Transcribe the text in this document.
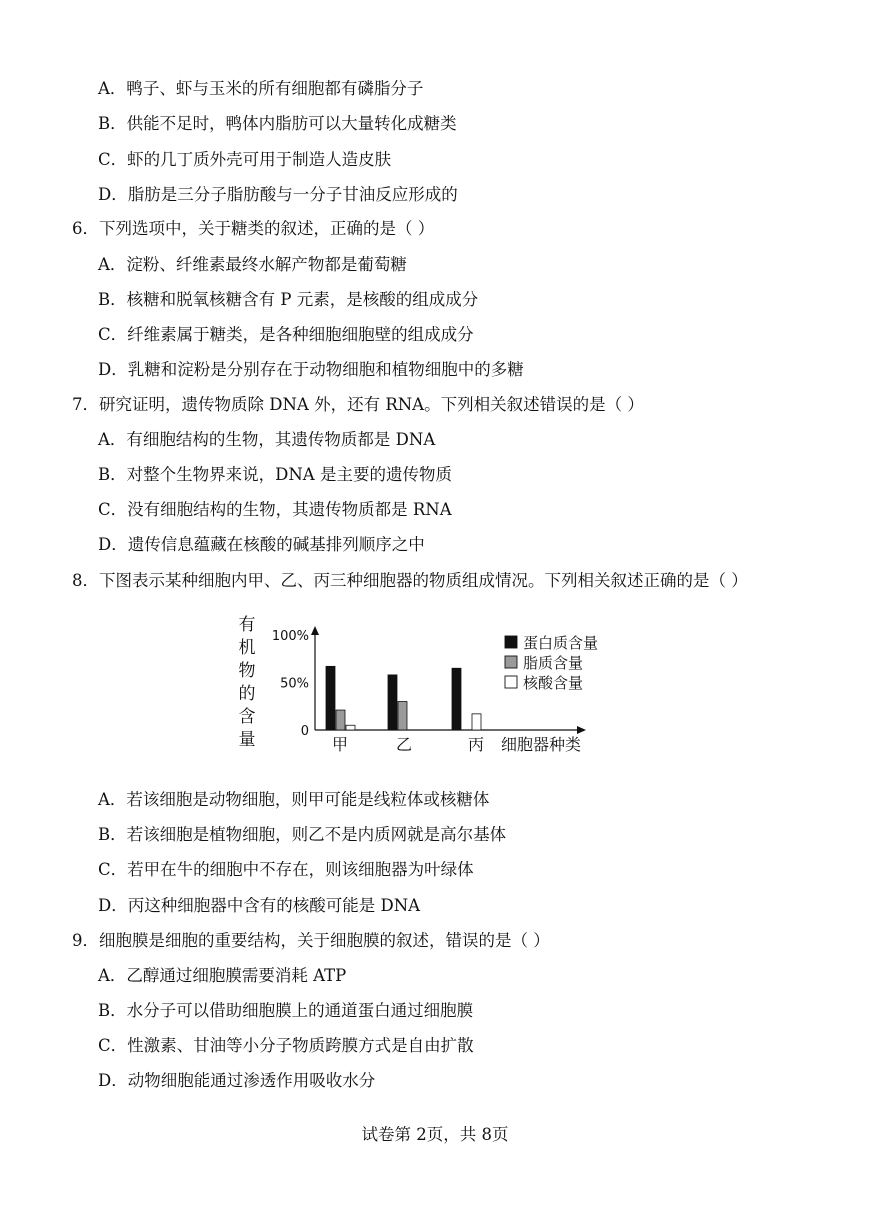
A．鸭子、虾与玉米的所有细胞都有磷脂分子
B．供能不足时，鸭体内脂肪可以大量转化成糖类
C．虾的几丁质外壳可用于制造人造皮肤
D．脂肪是三分子脂肪酸与一分子甘油反应形成的
6．下列选项中，关于糖类的叙述，正确的是（ ）
A．淀粉、纤维素最终水解产物都是葡萄糖
B．核糖和脱氧核糖含有 P 元素，是核酸的组成成分
C．纤维素属于糖类，是各种细胞细胞壁的组成成分
D．乳糖和淀粉是分别存在于动物细胞和植物细胞中的多糖
7．研究证明，遗传物质除 DNA 外，还有 RNA。下列相关叙述错误的是（ ）
A．有细胞结构的生物，其遗传物质都是 DNA
B．对整个生物界来说，DNA 是主要的遗传物质
C．没有细胞结构的生物，其遗传物质都是 RNA
D．遗传信息蕴藏在核酸的碱基排列顺序之中
8．下图表示某种细胞内甲、乙、丙三种细胞器的物质组成情况。下列相关叙述正确的是（ ）
有
机
物
的
含
量
100%
50%
0
甲	乙	丙 细胞器种类
蛋白质含量
脂质含量
核酸含量
A．若该细胞是动物细胞，则甲可能是线粒体或核糖体
B．若该细胞是植物细胞，则乙不是内质网就是高尔基体
C．若甲在牛的细胞中不存在，则该细胞器为叶绿体
D．丙这种细胞器中含有的核酸可能是 DNA
9．细胞膜是细胞的重要结构，关于细胞膜的叙述，错误的是（ ）
A．乙醇通过细胞膜需要消耗 ATP
B．水分子可以借助细胞膜上的通道蛋白通过细胞膜
C．性激素、甘油等小分子物质跨膜方式是自由扩散
D．动物细胞能通过渗透作用吸收水分
试卷第 2页，共 8页
